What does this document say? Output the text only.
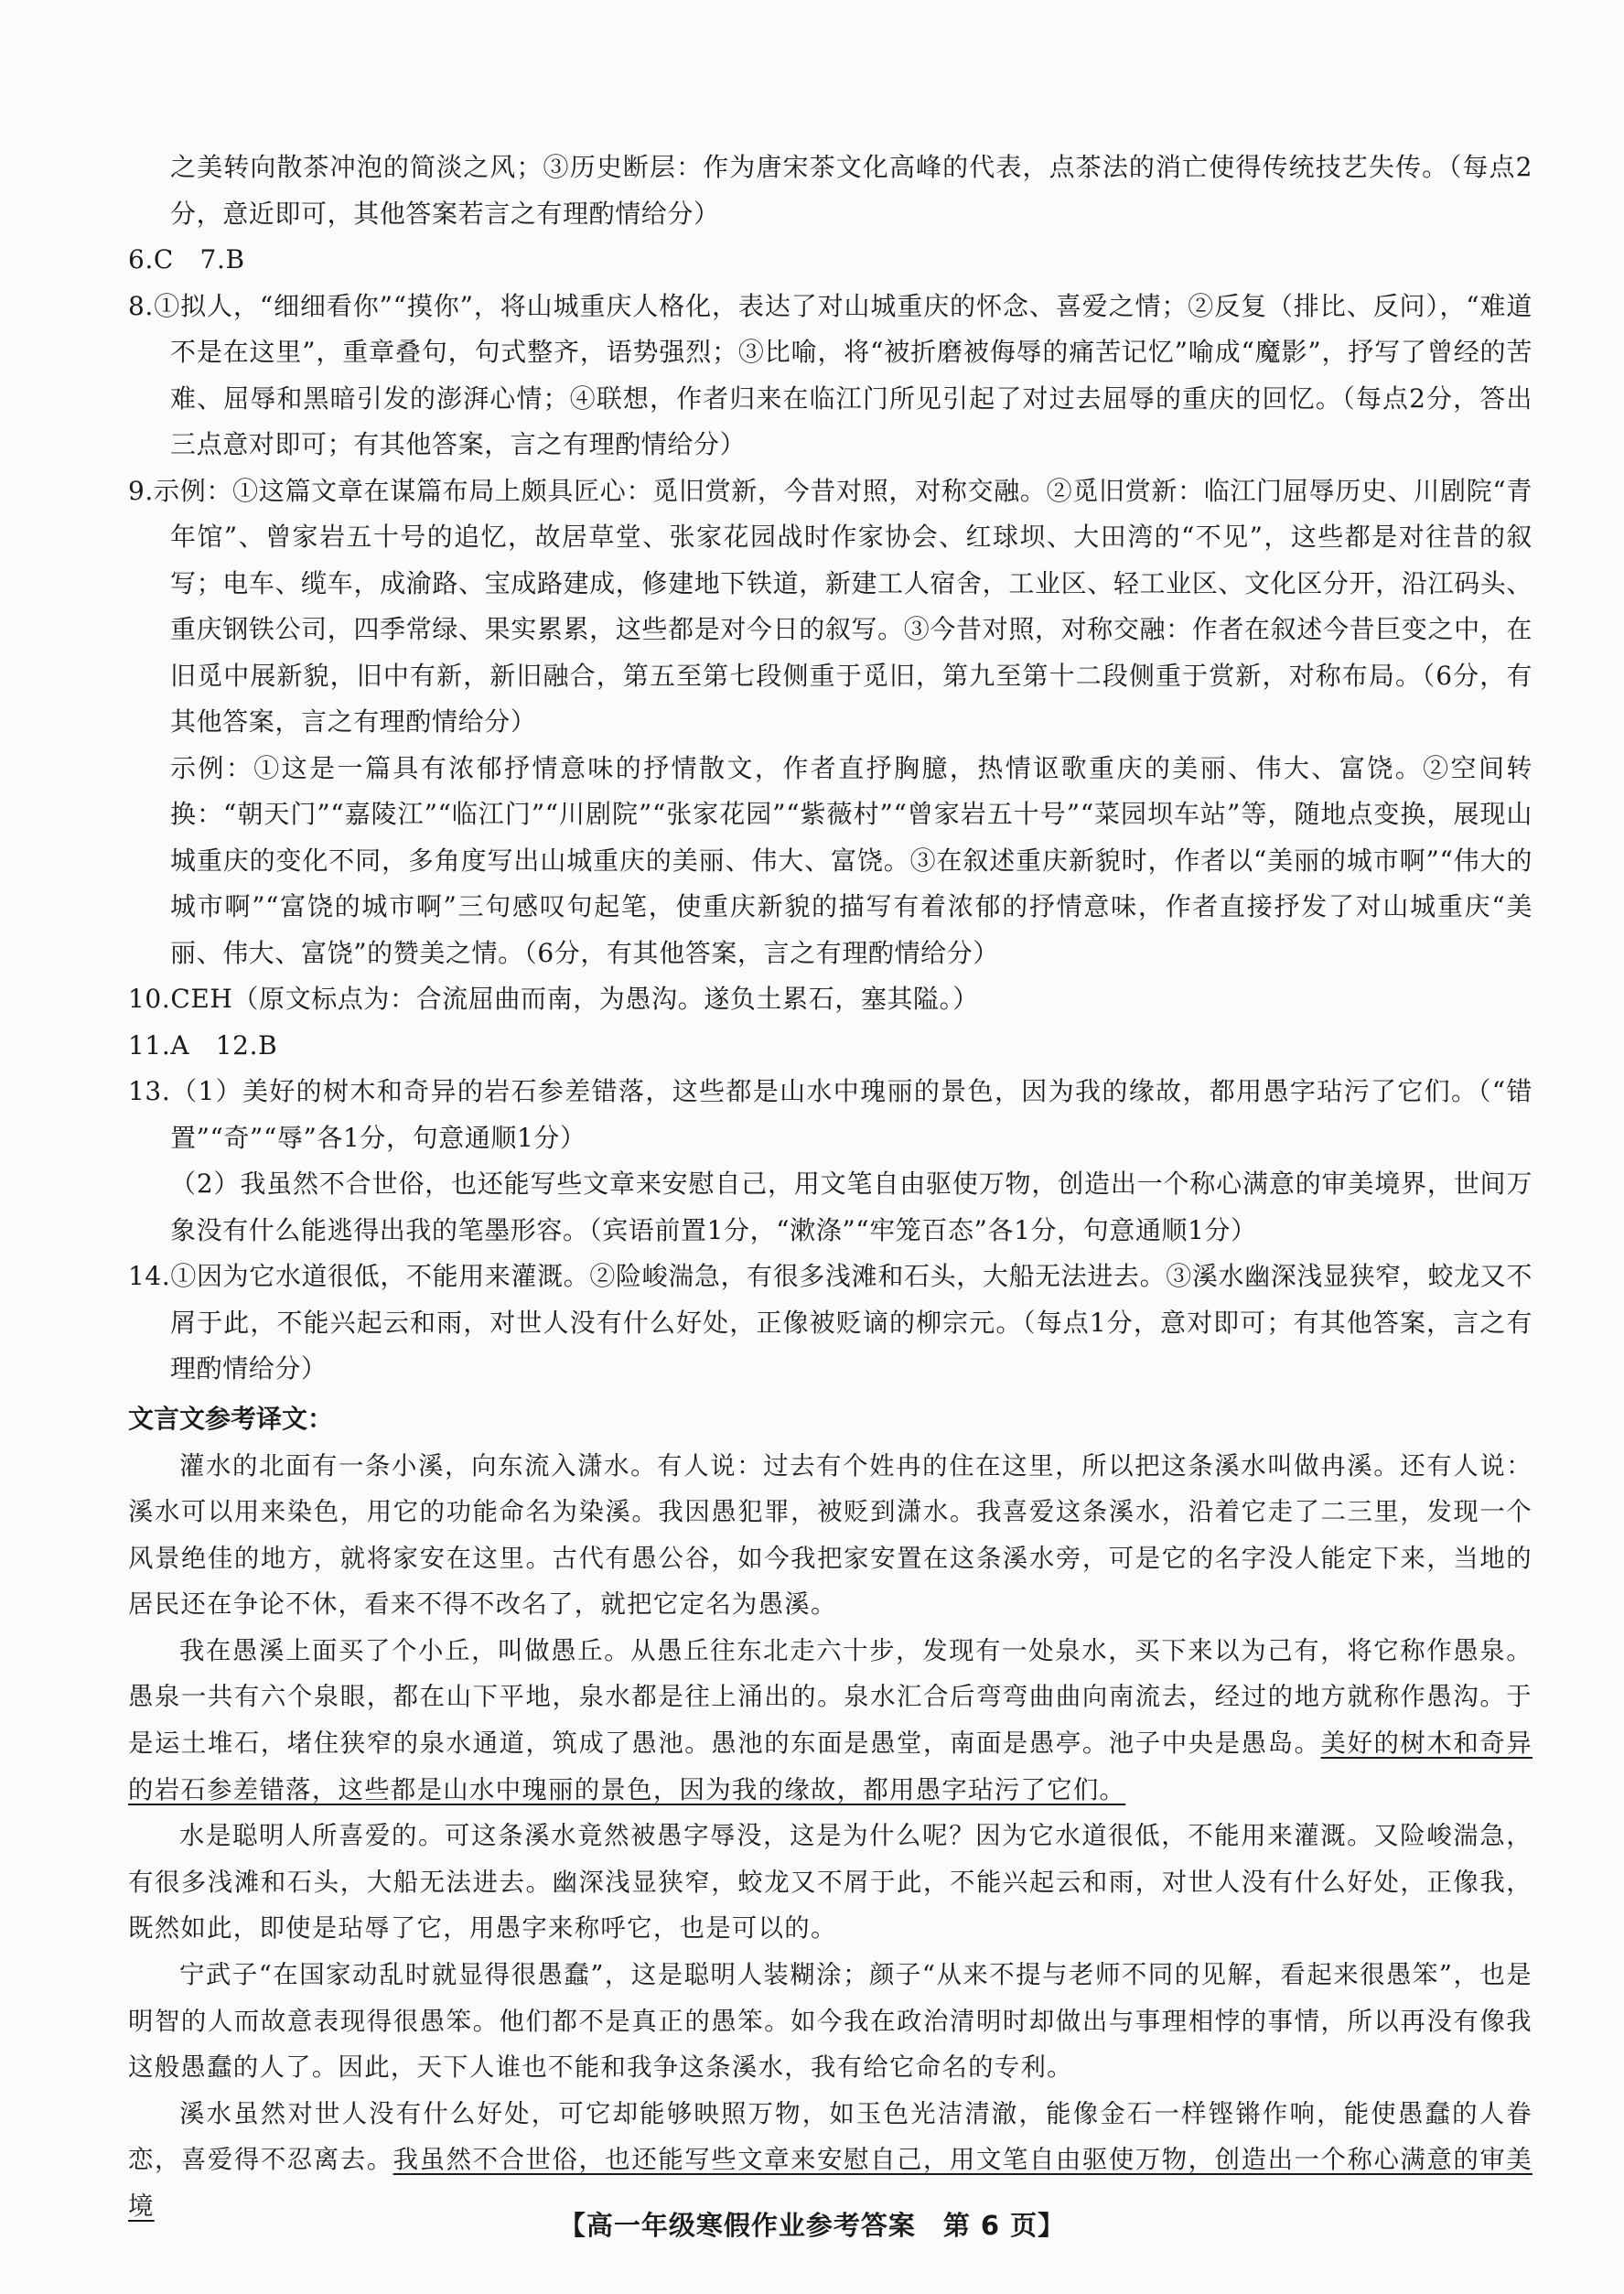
之美转向散茶冲泡的简淡之风；③历史断层：作为唐宋茶文化高峰的代表，点茶法的消亡使得传统技艺失传。（每点2分，意近即可，其他答案若言之有理酌情给分）

6.C　7.B

8.①拟人，“细细看你”“摸你”，将山城重庆人格化，表达了对山城重庆的怀念、喜爱之情；②反复（排比、反问），“难道不是在这里”，重章叠句，句式整齐，语势强烈；③比喻，将“被折磨被侮辱的痛苦记忆”喻成“魔影”，抒写了曾经的苦难、屈辱和黑暗引发的澎湃心情；④联想，作者归来在临江门所见引起了对过去屈辱的重庆的回忆。（每点2分，答出三点意对即可；有其他答案，言之有理酌情给分）

9.示例：①这篇文章在谋篇布局上颇具匠心：觅旧赏新，今昔对照，对称交融。②觅旧赏新：临江门屈辱历史、川剧院“青年馆”、曾家岩五十号的追忆，故居草堂、张家花园战时作家协会、红球坝、大田湾的“不见”，这些都是对往昔的叙写；电车、缆车，成渝路、宝成路建成，修建地下铁道，新建工人宿舍，工业区、轻工业区、文化区分开，沿江码头、重庆钢铁公司，四季常绿、果实累累，这些都是对今日的叙写。③今昔对照，对称交融：作者在叙述今昔巨变之中，在旧觅中展新貌，旧中有新，新旧融合，第五至第七段侧重于觅旧，第九至第十二段侧重于赏新，对称布局。（6分，有其他答案，言之有理酌情给分）

示例：①这是一篇具有浓郁抒情意味的抒情散文，作者直抒胸臆，热情讴歌重庆的美丽、伟大、富饶。②空间转换：“朝天门”“嘉陵江”“临江门”“川剧院”“张家花园”“紫薇村”“曾家岩五十号”“菜园坝车站”等，随地点变换，展现山城重庆的变化不同，多角度写出山城重庆的美丽、伟大、富饶。③在叙述重庆新貌时，作者以“美丽的城市啊”“伟大的城市啊”“富饶的城市啊”三句感叹句起笔，使重庆新貌的描写有着浓郁的抒情意味，作者直接抒发了对山城重庆“美丽、伟大、富饶”的赞美之情。（6分，有其他答案，言之有理酌情给分）

10.CEH（原文标点为：合流屈曲而南，为愚沟。遂负土累石，塞其隘。）

11.A　12.B

13.（1）美好的树木和奇异的岩石参差错落，这些都是山水中瑰丽的景色，因为我的缘故，都用愚字玷污了它们。（“错置”“奇”“辱”各1分，句意通顺1分）

（2）我虽然不合世俗，也还能写些文章来安慰自己，用文笔自由驱使万物，创造出一个称心满意的审美境界，世间万象没有什么能逃得出我的笔墨形容。（宾语前置1分，“漱涤”“牢笼百态”各1分，句意通顺1分）

14.①因为它水道很低，不能用来灌溉。②险峻湍急，有很多浅滩和石头，大船无法进去。③溪水幽深浅显狭窄，蛟龙又不屑于此，不能兴起云和雨，对世人没有什么好处，正像被贬谪的柳宗元。（每点1分，意对即可；有其他答案，言之有理酌情给分）

文言文参考译文：

灌水的北面有一条小溪，向东流入潇水。有人说：过去有个姓冉的住在这里，所以把这条溪水叫做冉溪。还有人说：溪水可以用来染色，用它的功能命名为染溪。我因愚犯罪，被贬到潇水。我喜爱这条溪水，沿着它走了二三里，发现一个风景绝佳的地方，就将家安在这里。古代有愚公谷，如今我把家安置在这条溪水旁，可是它的名字没人能定下来，当地的居民还在争论不休，看来不得不改名了，就把它定名为愚溪。

我在愚溪上面买了个小丘，叫做愚丘。从愚丘往东北走六十步，发现有一处泉水，买下来以为己有，将它称作愚泉。愚泉一共有六个泉眼，都在山下平地，泉水都是往上涌出的。泉水汇合后弯弯曲曲向南流去，经过的地方就称作愚沟。于是运土堆石，堵住狭窄的泉水通道，筑成了愚池。愚池的东面是愚堂，南面是愚亭。池子中央是愚岛。美好的树木和奇异的岩石参差错落，这些都是山水中瑰丽的景色，因为我的缘故，都用愚字玷污了它们。

水是聪明人所喜爱的。可这条溪水竟然被愚字辱没，这是为什么呢？因为它水道很低，不能用来灌溉。又险峻湍急，有很多浅滩和石头，大船无法进去。幽深浅显狭窄，蛟龙又不屑于此，不能兴起云和雨，对世人没有什么好处，正像我，既然如此，即使是玷辱了它，用愚字来称呼它，也是可以的。

宁武子“在国家动乱时就显得很愚蠢”，这是聪明人装糊涂；颜子“从来不提与老师不同的见解，看起来很愚笨”，也是明智的人而故意表现得很愚笨。他们都不是真正的愚笨。如今我在政治清明时却做出与事理相悖的事情，所以再没有像我这般愚蠢的人了。因此，天下人谁也不能和我争这条溪水，我有给它命名的专利。

溪水虽然对世人没有什么好处，可它却能够映照万物，如玉色光洁清澈，能像金石一样铿锵作响，能使愚蠢的人眷恋，喜爱得不忍离去。我虽然不合世俗，也还能写些文章来安慰自己，用文笔自由驱使万物，创造出一个称心满意的审美境

【高一年级寒假作业参考答案　第 6 页】
